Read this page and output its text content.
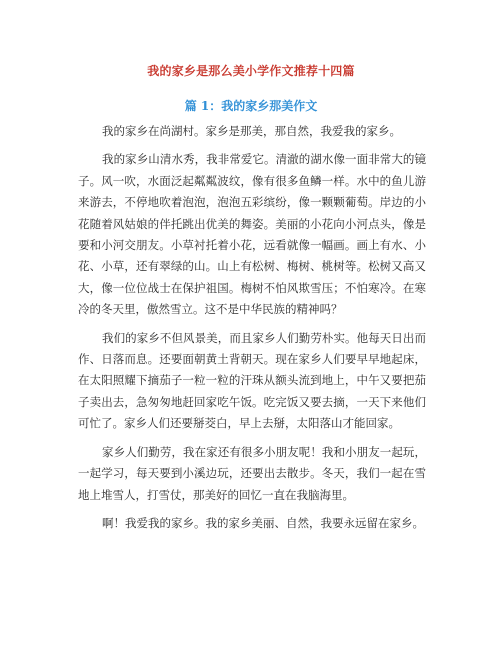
我的家乡是那么美小学作文推荐十四篇
篇 1：我的家乡那美作文

我的家乡在尚湖村。家乡是那美，那自然，我爱我的家乡。

我的家乡山清水秀，我非常爱它。清澈的湖水像一面非常大的镜子。风一吹，水面泛起粼粼波纹，像有很多鱼鳞一样。水中的鱼儿游来游去，不停地吹着泡泡，泡泡五彩缤纷，像一颗颗葡萄。岸边的小花随着风姑娘的伴托跳出优美的舞姿。美丽的小花向小河点头，像是要和小河交朋友。小草衬托着小花，远看就像一幅画。画上有水、小花、小草，还有翠绿的山。山上有松树、梅树、桃树等。松树又高又大，像一位位战士在保护祖国。梅树不怕风欺雪压；不怕寒冷。在寒冷的冬天里，傲然雪立。这不是中华民族的精神吗？

我们的家乡不但风景美，而且家乡人们勤劳朴实。他每天日出而作、日落而息。还要面朝黄土背朝天。现在家乡人们要早早地起床，在太阳照耀下摘茄子一粒一粒的汗珠从额头流到地上，中午又要把茄子卖出去，急匆匆地赶回家吃午饭。吃完饭又要去摘，一天下来他们可忙了。家乡人们还要掰茭白，早上去掰，太阳落山才能回家。

家乡人们勤劳，我在家还有很多小朋友呢！我和小朋友一起玩，一起学习，每天要到小溪边玩，还要出去散步。冬天，我们一起在雪地上堆雪人，打雪仗，那美好的回忆一直在我脑海里。

啊！我爱我的家乡。我的家乡美丽、自然，我要永远留在家乡。
